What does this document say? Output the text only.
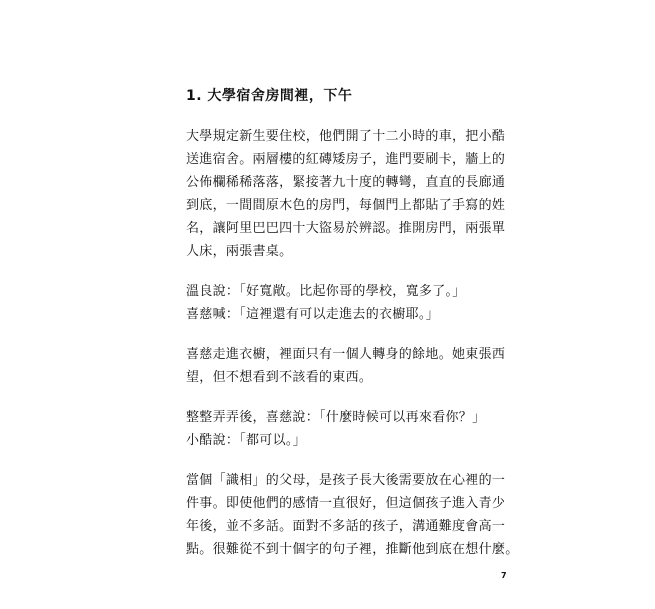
1. 大學宿舍房間裡，下午

大學規定新生要住校，他們開了十二小時的車，把小酷
送進宿舍。兩層樓的紅磚矮房子，進門要刷卡，牆上的
公佈欄稀稀落落，緊接著九十度的轉彎，直直的長廊通
到底，一間間原木色的房門，每個門上都貼了手寫的姓
名，讓阿里巴巴四十大盜易於辨認。推開房門，兩張單
人床，兩張書桌。

溫良說：「好寬敞。比起你哥的學校，寬多了。」
喜慈喊：「這裡還有可以走進去的衣櫥耶。」

喜慈走進衣櫥，裡面只有一個人轉身的餘地。她東張西
望，但不想看到不該看的東西。

整整弄弄後，喜慈說：「什麼時候可以再來看你？」
小酷說：「都可以。」

當個「識相」的父母，是孩子長大後需要放在心裡的一
件事。即使他們的感情一直很好，但這個孩子進入青少
年後，並不多話。面對不多話的孩子，溝通難度會高一
點。很難從不到十個字的句子裡，推斷他到底在想什麼。

7
